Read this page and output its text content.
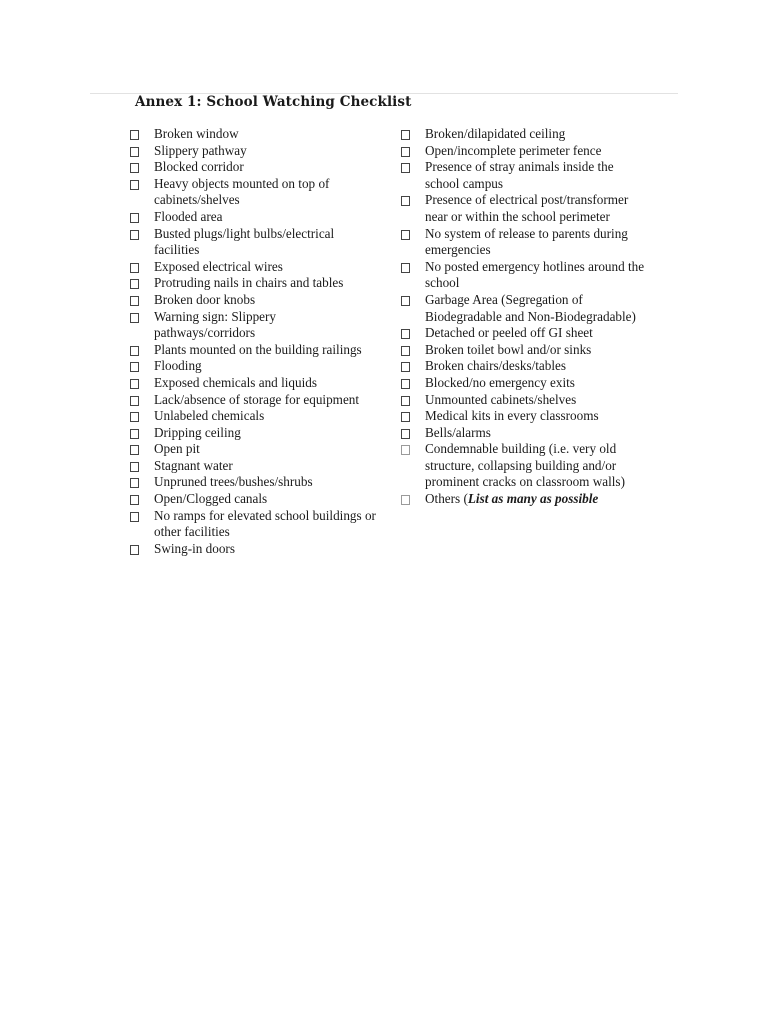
Annex 1: School Watching Checklist
Broken window
Slippery pathway
Blocked corridor
Heavy objects mounted on top of cabinets/shelves
Flooded area
Busted plugs/light bulbs/electrical facilities
Exposed electrical wires
Protruding nails in chairs and tables
Broken door knobs
Warning sign: Slippery pathways/corridors
Plants mounted on the building railings
Flooding
Exposed chemicals and liquids
Lack/absence of storage for equipment
Unlabeled chemicals
Dripping ceiling
Open pit
Stagnant water
Unpruned trees/bushes/shrubs
Open/Clogged canals
No ramps for elevated school buildings or other facilities
Swing-in doors
Broken/dilapidated ceiling
Open/incomplete perimeter fence
Presence of stray animals inside the school campus
Presence of electrical post/transformer near or within the school perimeter
No system of release to parents during emergencies
No posted emergency hotlines around the school
Garbage Area (Segregation of Biodegradable and Non-Biodegradable)
Detached or peeled off GI sheet
Broken toilet bowl and/or sinks
Broken chairs/desks/tables
Blocked/no emergency exits
Unmounted cabinets/shelves
Medical kits in every classrooms
Bells/alarms
Condemnable building (i.e. very old structure, collapsing building and/or prominent cracks on classroom walls)
Others (List as many as possible
